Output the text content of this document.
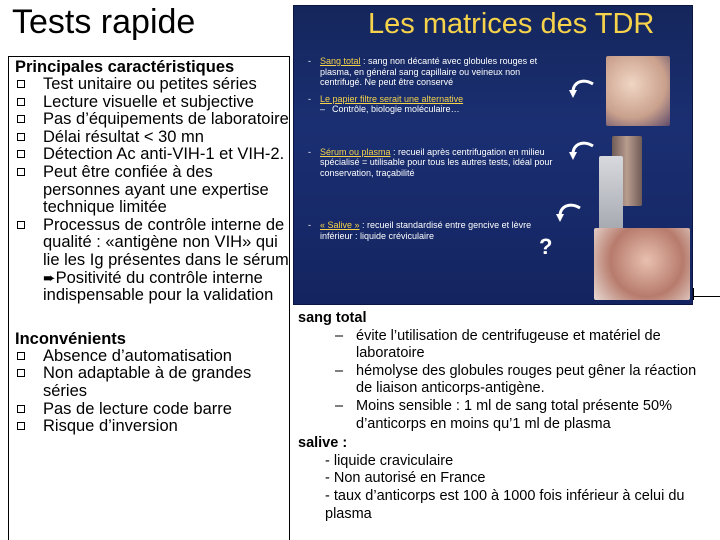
Tests rapide

Principales caractéristiques

Test unitaire ou petites séries
Lecture visuelle et subjective
Pas d’équipements de laboratoire
Délai résultat < 30 mn
Détection Ac anti-VIH-1 et VIH-2.
Peut être confiée à des personnes ayant une expertise technique limitée
Processus de contrôle interne de qualité : «antigène non VIH» qui lie les Ig présentes dans le sérum ➨Positivité du contrôle interne indispensable pour la validation

Inconvénients

Absence d’automatisation
Non adaptable à de grandes séries
Pas de lecture code barre
Risque d’inversion
Les matrices des TDR
- Sang total : sang non décanté avec globules rouges et plasma, en général sang capillaire ou veineux non centrifugé. Ne peut être conservé
- Le papier filtre serait une alternative
– Contrôle, biologie moléculaire…
- Sérum ou plasma : recueil après centrifugation en milieu spécialisé = utilisable pour tous les autres tests, idéal pour conservation, traçabilité
- « Salive » : recueil standardisé entre gencive et lèvre inférieur : liquide créviculaire	?
sang total
– évite l’utilisation de centrifugeuse et matériel de laboratoire
– hémolyse des globules rouges peut gêner la réaction de liaison anticorps-antigène.
– Moins sensible : 1 ml de sang total présente 50% d’anticorps en moins qu’1 ml de plasma
salive :
- liquide craviculaire
- Non autorisé en France
- taux d’anticorps est 100 à 1000 fois inférieur à celui du plasma
